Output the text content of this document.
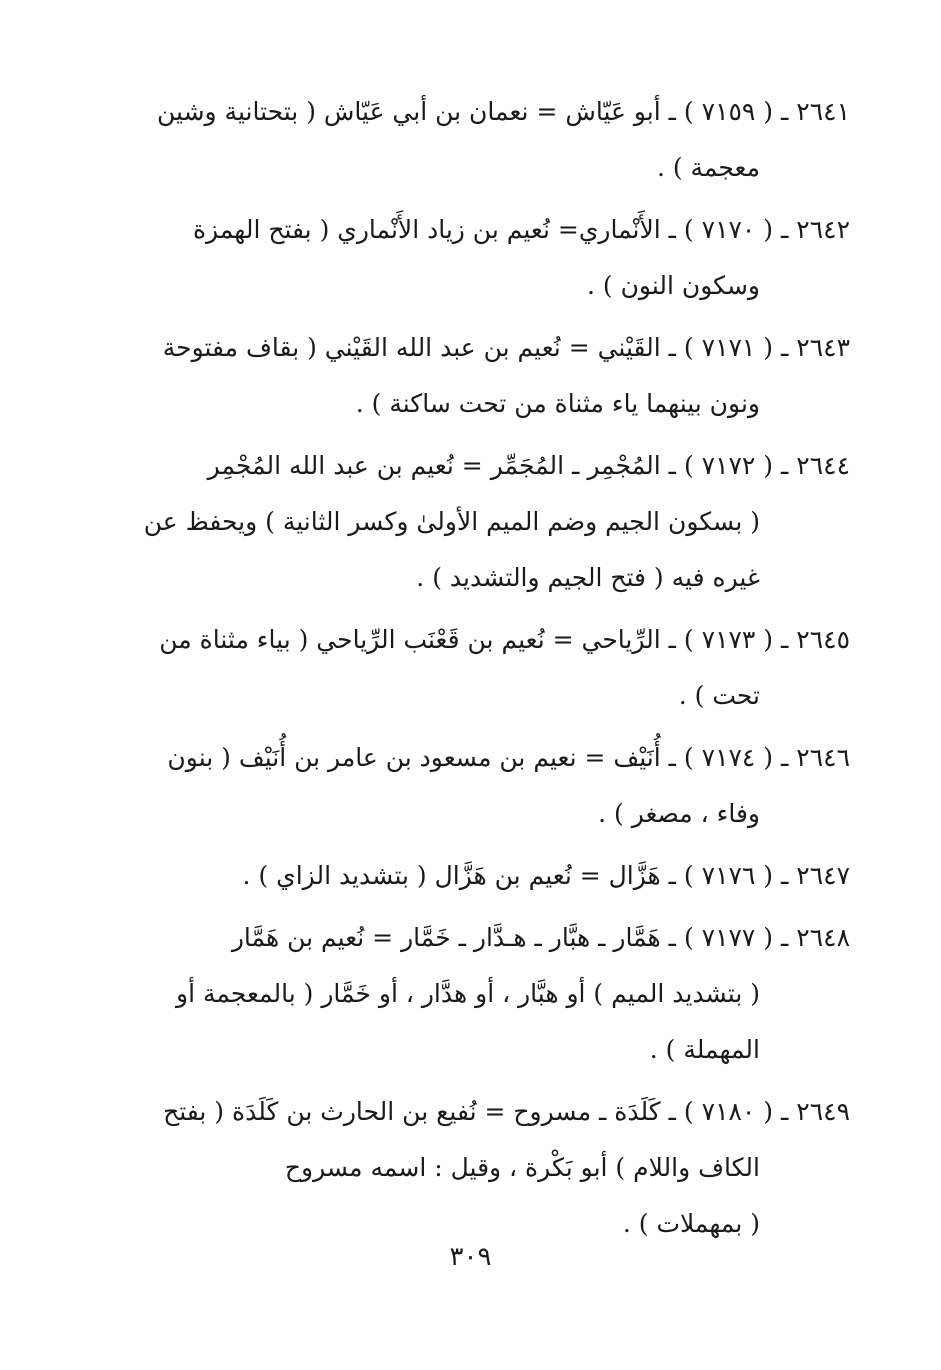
٢٦٤١ ـ ( ٧١٥٩ ) ـ أبو عَيّاش = نعمان بن أبي عَيّاش ( بتحتانية وشين
معجمة ) .
٢٦٤٢ ـ ( ٧١٧٠ ) ـ الأَنْماري= نُعيم بن زياد الأَنْماري ( بفتح الهمزة
وسكون النون ) .
٢٦٤٣ ـ ( ٧١٧١ ) ـ القَيْني = نُعيم بن عبد الله القَيْني ( بقاف مفتوحة
ونون بينهما ياء مثناة من تحت ساكنة ) .
٢٦٤٤ ـ ( ٧١٧٢ ) ـ المُجْمِر ـ المُجَمِّر = نُعيم بن عبد الله المُجْمِر
( بسكون الجيم وضم الميم الأولىٰ وكسر الثانية ) ويحفظ عن
غيره فيه ( فتح الجيم والتشديد ) .
٢٦٤٥ ـ ( ٧١٧٣ ) ـ الرِّياحي = نُعيم بن قَعْنَب الرِّياحي ( بياء مثناة من
تحت ) .
٢٦٤٦ ـ ( ٧١٧٤ ) ـ أُنَيْف = نعيم بن مسعود بن عامر بن أُنَيْف ( بنون
وفاء ، مصغر ) .
٢٦٤٧ ـ ( ٧١٧٦ ) ـ هَزَّال = نُعيم بن هَزَّال ( بتشديد الزاي ) .
٢٦٤٨ ـ ( ٧١٧٧ ) ـ هَمَّار ـ هبَّار ـ هـدَّار ـ خَمَّار = نُعيم بن هَمَّار
( بتشديد الميم ) أو هبَّار ، أو هدَّار ، أو خَمَّار ( بالمعجمة أو
المهملة ) .
٢٦٤٩ ـ ( ٧١٨٠ ) ـ كَلَدَة ـ مسروح = نُفيع بن الحارث بن كَلَدَة ( بفتح
الكاف واللام ) أبو بَكْرة ، وقيل : اسمه مسروح
( بمهملات ) .
٣٠٩
